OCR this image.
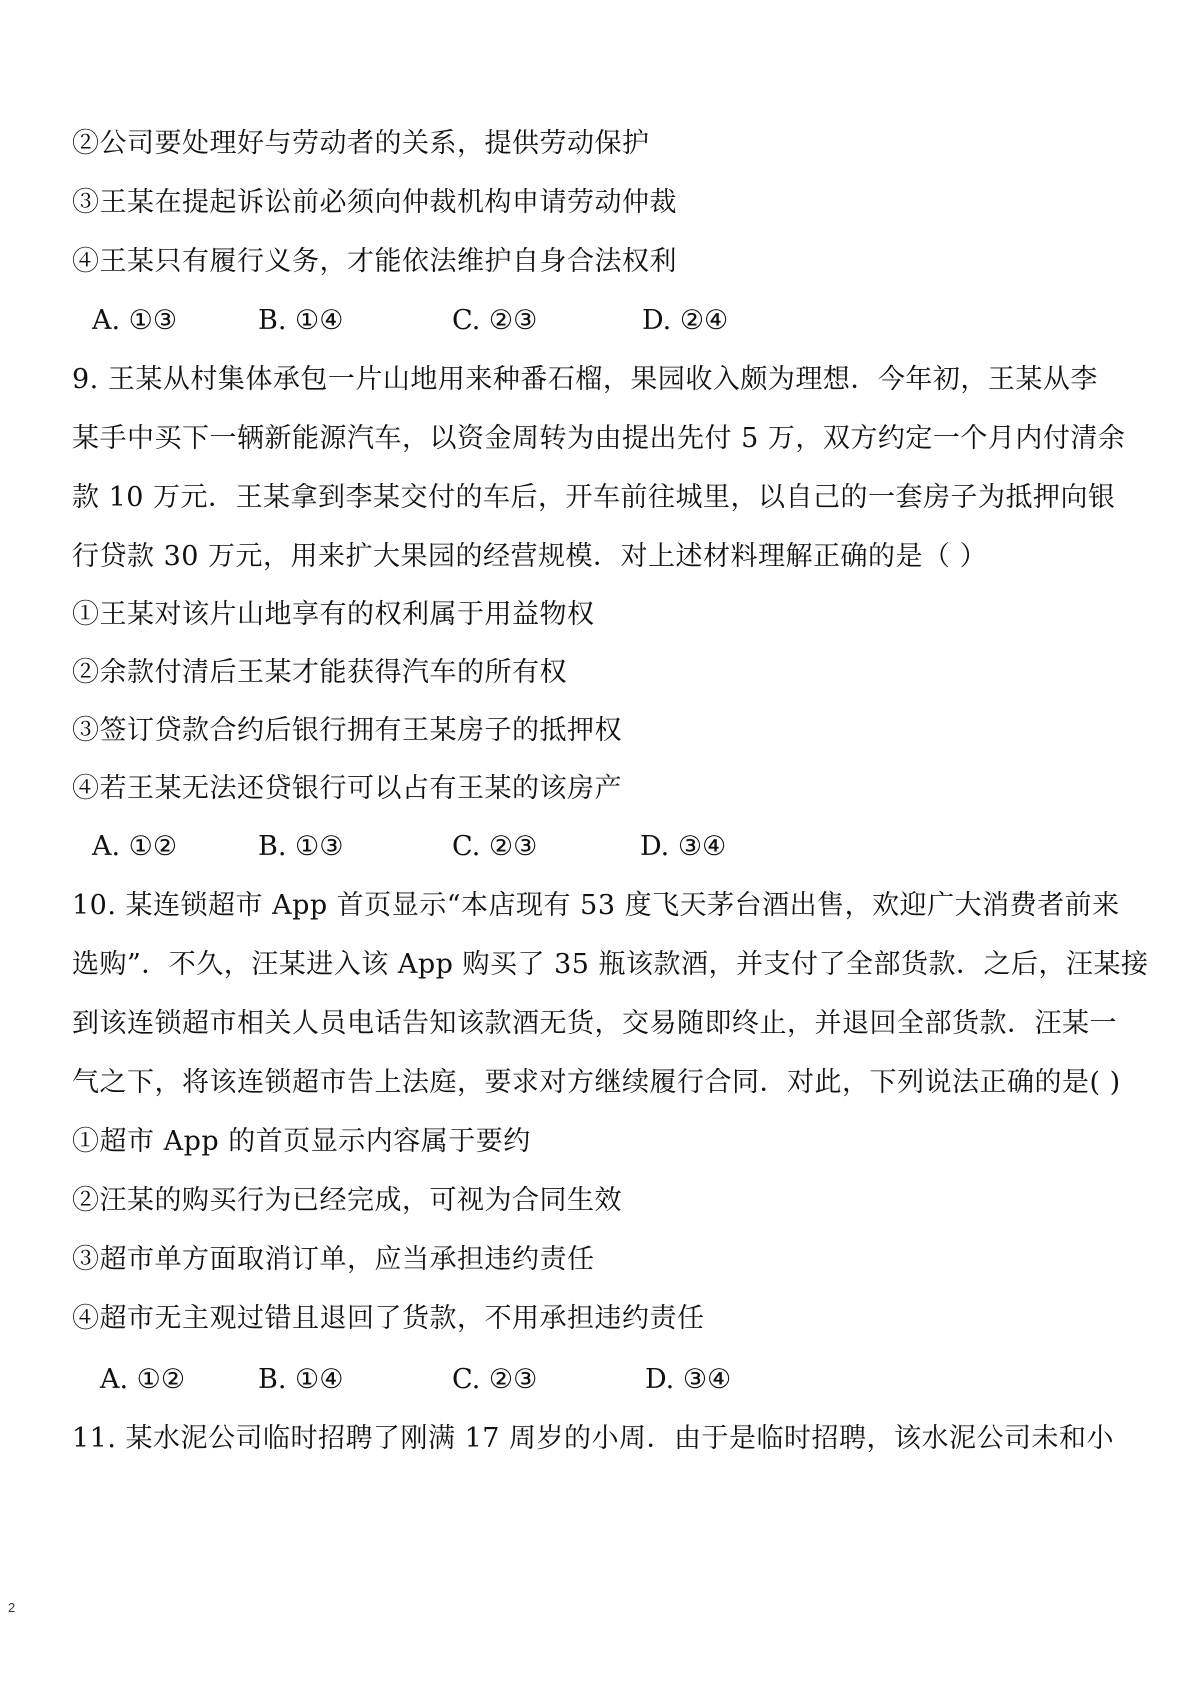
②公司要处理好与劳动者的关系，提供劳动保护
③王某在提起诉讼前必须向仲裁机构申请劳动仲裁
④王某只有履行义务，才能依法维护自身合法权利
A. ①③	B. ①④	C. ②③	D. ②④
9. 王某从村集体承包一片山地用来种番石榴，果园收入颇为理想．今年初，王某从李
某手中买下一辆新能源汽车，以资金周转为由提出先付 5 万，双方约定一个月内付清余
款 10 万元．王某拿到李某交付的车后，开车前往城里，以自己的一套房子为抵押向银
行贷款 30 万元，用来扩大果园的经营规模．对上述材料理解正确的是（ ）
①王某对该片山地享有的权利属于用益物权
②余款付清后王某才能获得汽车的所有权
③签订贷款合约后银行拥有王某房子的抵押权
④若王某无法还贷银行可以占有王某的该房产
A. ①②	B. ①③	C. ②③	D. ③④
10. 某连锁超市 App 首页显示“本店现有 53 度飞天茅台酒出售，欢迎广大消费者前来
选购”．不久，汪某进入该 App 购买了 35 瓶该款酒，并支付了全部货款．之后，汪某接
到该连锁超市相关人员电话告知该款酒无货，交易随即终止，并退回全部货款．汪某一
气之下，将该连锁超市告上法庭，要求对方继续履行合同．对此，下列说法正确的是( )
①超市 App 的首页显示内容属于要约
②汪某的购买行为已经完成，可视为合同生效
③超市单方面取消订单，应当承担违约责任
④超市无主观过错且退回了货款，不用承担违约责任
A. ①②	B. ①④	C. ②③	D. ③④
11. 某水泥公司临时招聘了刚满 17 周岁的小周．由于是临时招聘，该水泥公司未和小
2
